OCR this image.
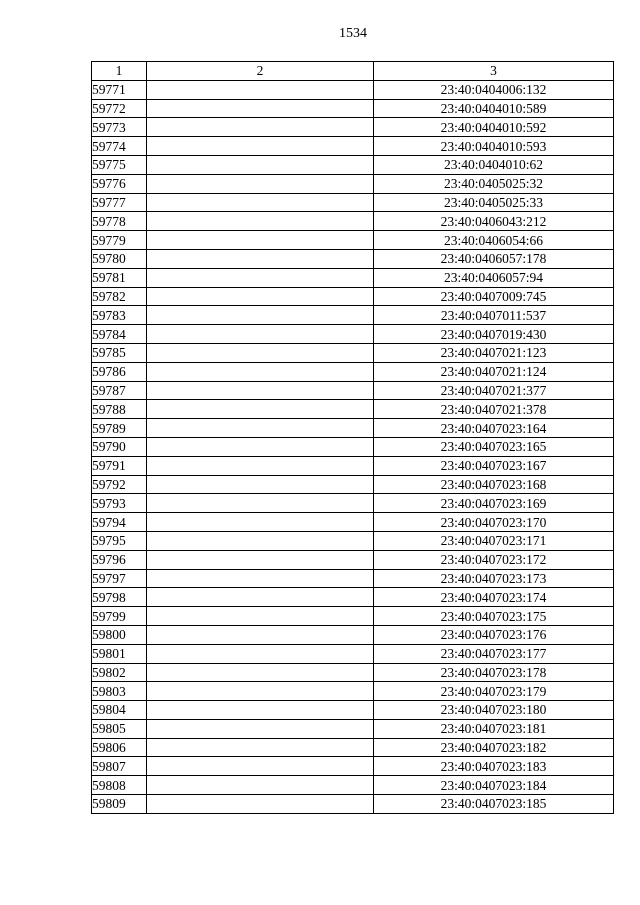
1534
1	2	3
59771		23:40:0404006:132
59772		23:40:0404010:589
59773		23:40:0404010:592
59774		23:40:0404010:593
59775		23:40:0404010:62
59776		23:40:0405025:32
59777		23:40:0405025:33
59778		23:40:0406043:212
59779		23:40:0406054:66
59780		23:40:0406057:178
59781		23:40:0406057:94
59782		23:40:0407009:745
59783		23:40:0407011:537
59784		23:40:0407019:430
59785		23:40:0407021:123
59786		23:40:0407021:124
59787		23:40:0407021:377
59788		23:40:0407021:378
59789		23:40:0407023:164
59790		23:40:0407023:165
59791		23:40:0407023:167
59792		23:40:0407023:168
59793		23:40:0407023:169
59794		23:40:0407023:170
59795		23:40:0407023:171
59796		23:40:0407023:172
59797		23:40:0407023:173
59798		23:40:0407023:174
59799		23:40:0407023:175
59800		23:40:0407023:176
59801		23:40:0407023:177
59802		23:40:0407023:178
59803		23:40:0407023:179
59804		23:40:0407023:180
59805		23:40:0407023:181
59806		23:40:0407023:182
59807		23:40:0407023:183
59808		23:40:0407023:184
59809		23:40:0407023:185
